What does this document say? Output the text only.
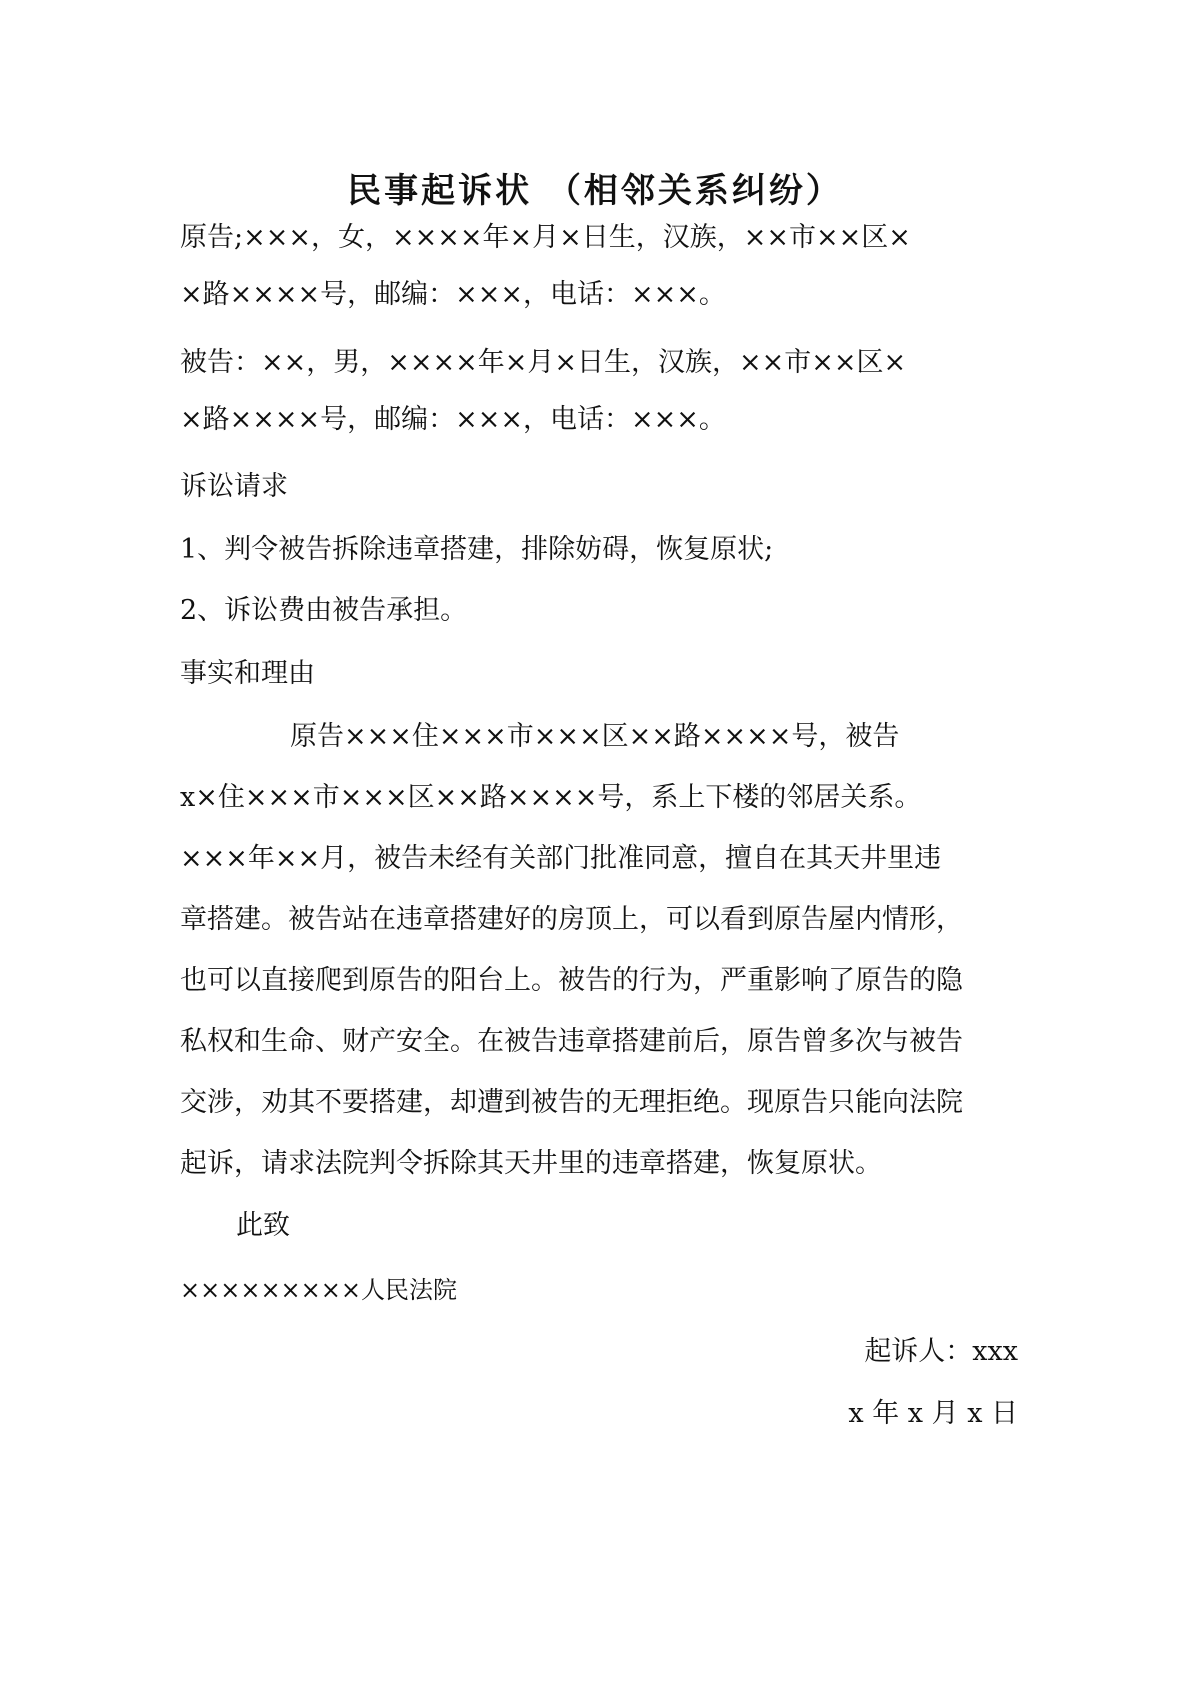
民事起诉状 （相邻关系纠纷）
原告;×××，女，××××年×月×日生，汉族，××市××区×
×路××××号，邮编：×××，电话：×××。
被告：××，男，××××年×月×日生，汉族，××市××区×
×路××××号，邮编：×××，电话：×××。
诉讼请求
1、判令被告拆除违章搭建，排除妨碍，恢复原状;
2、诉讼费由被告承担。
事实和理由
原告×××住×××市×××区××路××××号，被告
x×住×××市×××区××路××××号，系上下楼的邻居关系。
×××年××月，被告未经有关部门批准同意，擅自在其天井里违
章搭建。被告站在违章搭建好的房顶上，可以看到原告屋内情形，
也可以直接爬到原告的阳台上。被告的行为，严重影响了原告的隐
私权和生命、财产安全。在被告违章搭建前后，原告曾多次与被告
交涉，劝其不要搭建，却遭到被告的无理拒绝。现原告只能向法院
起诉，请求法院判令拆除其天井里的违章搭建，恢复原状。
此致
×××××××××人民法院
起诉人：xxx
x 年 x 月 x 日
